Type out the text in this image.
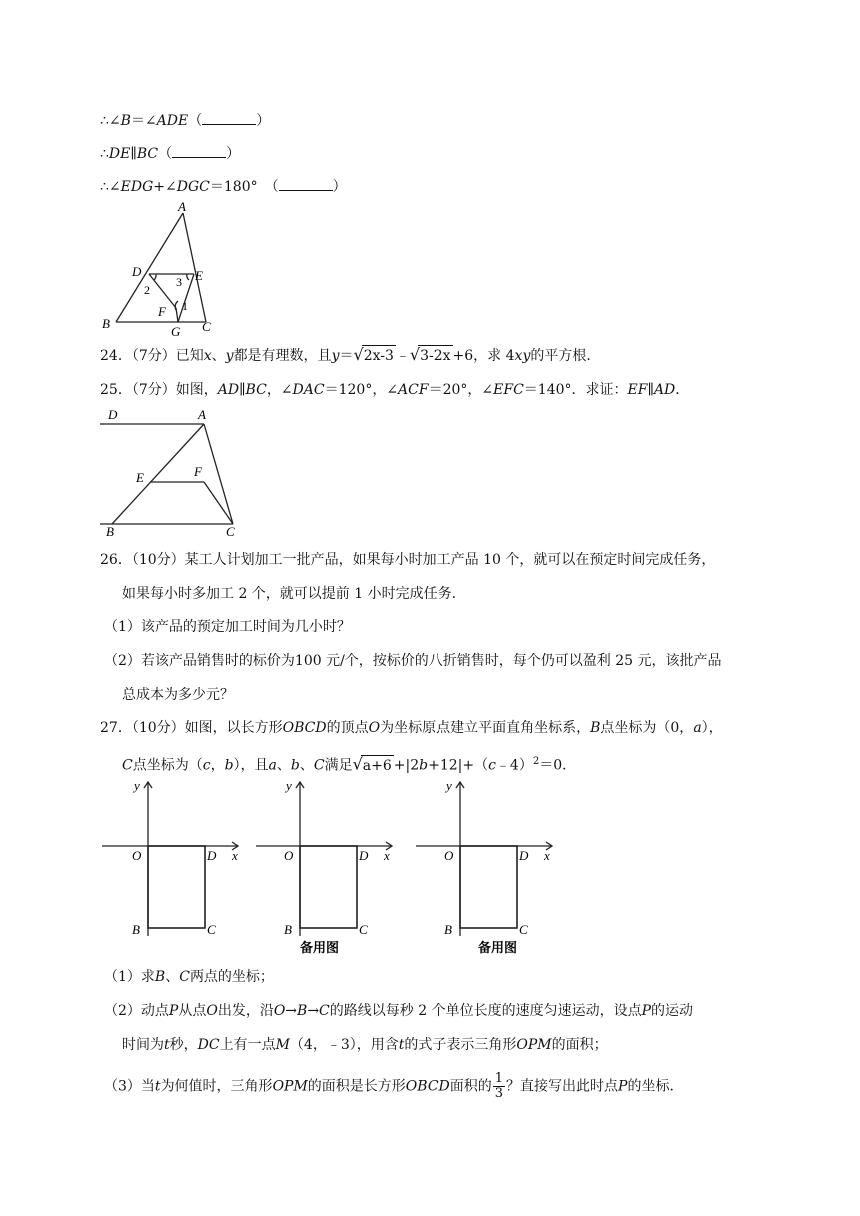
∴∠B＝∠ADE（	）
∴DE∥BC（	）
∴∠EDG+∠DGC＝180°　（	）
A
D	E
2
3
1
F
B
G C
24．（7分）已知x、y都是有理数，且y＝√2x-3 ﹣√3-2x +6，求 4xy的平方根．
25．（7分）如图，AD∥BC，∠DAC＝120°，∠ACF＝20°，∠EFC＝140°．求证：EF∥AD．
D	A
E	F
B	C
26．（10分）某工人计划加工一批产品，如果每小时加工产品 10 个，就可以在预定时间完成任务，
如果每小时多加工 2 个，就可以提前 1 小时完成任务．
（1）该产品的预定加工时间为几小时？
（2）若该产品销售时的标价为100 元/个，按标价的八折销售时，每个仍可以盈利 25 元，该批产品
总成本为多少元？
27．（10分）如图，以长方形OBCD的顶点O为坐标原点建立平面直角坐标系，B点坐标为（0，a），
C点坐标为（c，b），且a、b、C满足√a+6 +|2b+12|+（c﹣4）$^2$＝0．
y
O	D x
B	C
y
O	D x
B	C
备用图
y
O	D x
B	C
备用图
（1）求B、C两点的坐标；
（2）动点P从点O出发，沿O→B→C的路线以每秒 2 个单位长度的速度匀速运动，设点P的运动
时间为t秒，DC上有一点M（4，﹣3），用含t的式子表示三角形OPM的面积；
（3）当t为何值时，三角形OPM的面积是长方形OBCD面积的 $\frac{1}{3}$ ？直接写出此时点P的坐标．
